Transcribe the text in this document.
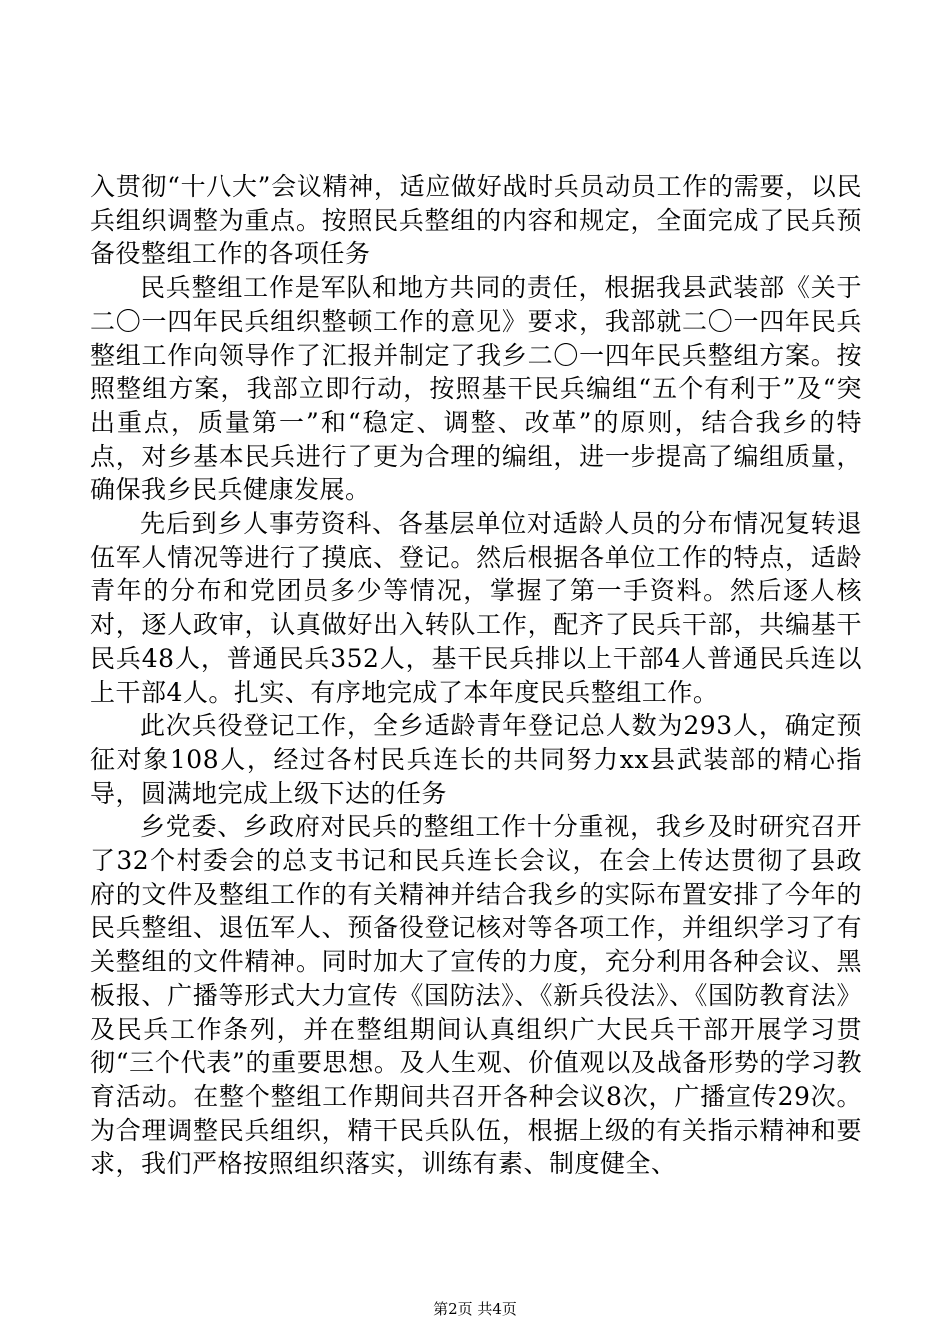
入贯彻“十八大”会议精神，适应做好战时兵员动员工作的需要，以民兵组织调整为重点。按照民兵整组的内容和规定，全面完成了民兵预备役整组工作的各项任务

民兵整组工作是军队和地方共同的责任，根据我县武装部《关于二〇一四年民兵组织整顿工作的意见》要求，我部就二〇一四年民兵整组工作向领导作了汇报并制定了我乡二〇一四年民兵整组方案。按照整组方案，我部立即行动，按照基干民兵编组“五个有利于”及“突出重点，质量第一”和“稳定、调整、改革”的原则，结合我乡的特点，对乡基本民兵进行了更为合理的编组，进一步提高了编组质量，确保我乡民兵健康发展。

先后到乡人事劳资科、各基层单位对适龄人员的分布情况复转退伍军人情况等进行了摸底、登记。然后根据各单位工作的特点，适龄青年的分布和党团员多少等情况，掌握了第一手资料。然后逐人核对，逐人政审，认真做好出入转队工作，配齐了民兵干部，共编基干民兵48人，普通民兵352人，基干民兵排以上干部4人普通民兵连以上干部4人。扎实、有序地完成了本年度民兵整组工作。

此次兵役登记工作，全乡适龄青年登记总人数为293人，确定预征对象108人，经过各村民兵连长的共同努力xx县武装部的精心指导，圆满地完成上级下达的任务

乡党委、乡政府对民兵的整组工作十分重视，我乡及时研究召开了32个村委会的总支书记和民兵连长会议，在会上传达贯彻了县政府的文件及整组工作的有关精神并结合我乡的实际布置安排了今年的民兵整组、退伍军人、预备役登记核对等各项工作，并组织学习了有关整组的文件精神。同时加大了宣传的力度，充分利用各种会议、黑板报、广播等形式大力宣传《国防法》、《新兵役法》、《国防教育法》及民兵工作条列，并在整组期间认真组织广大民兵干部开展学习贯彻“三个代表”的重要思想。及人生观、价值观以及战备形势的学习教育活动。在整个整组工作期间共召开各种会议8次，广播宣传29次。为合理调整民兵组织，精干民兵队伍，根据上级的有关指示精神和要求，我们严格按照组织落实，训练有素、制度健全、

第2页 共4页
